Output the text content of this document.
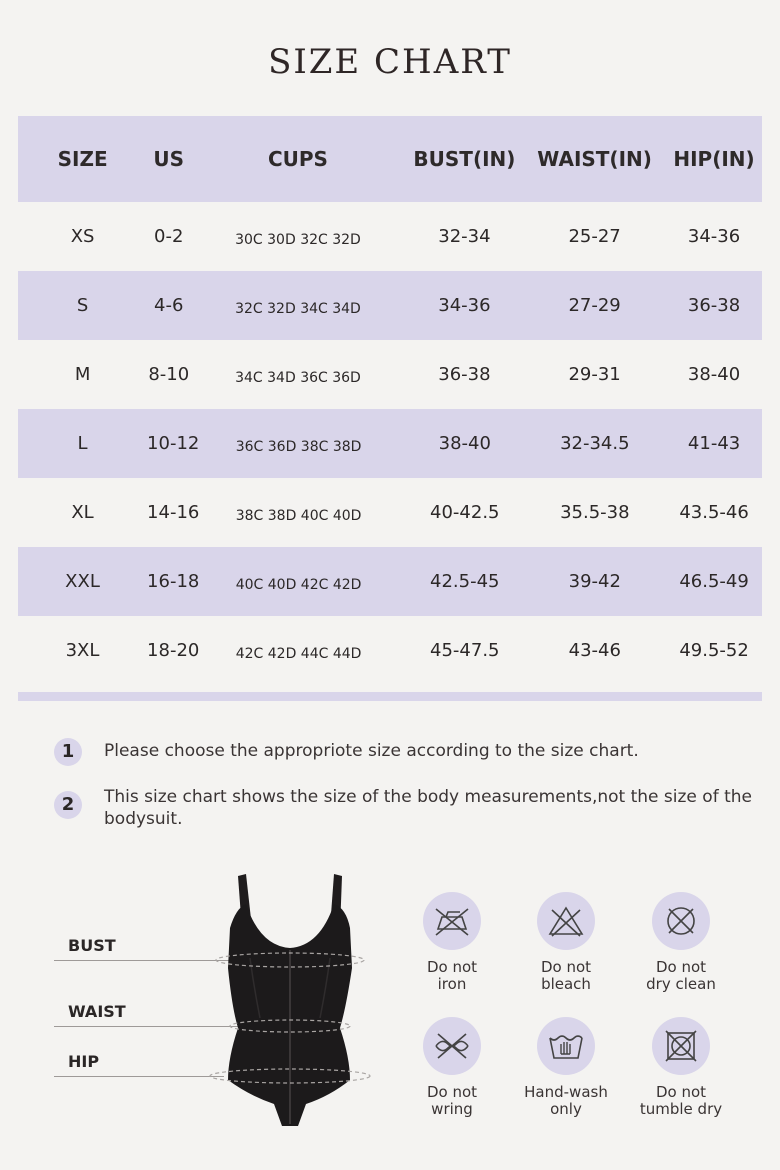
SIZE CHART
SIZE	US	CUPS	BUST(IN)	WAIST(IN)	HIP(IN)
XS	0-2	30C 30D 32C 32D	32-34	25-27	34-36
S	4-6	32C 32D 34C 34D	34-36	27-29	36-38
M	8-10	34C 34D 36C 36D	36-38	29-31	38-40
L	10-12	36C 36D 38C 38D	38-40	32-34.5	41-43
XL	14-16	38C 38D 40C 40D	40-42.5	35.5-38	43.5-46
XXL	16-18	40C 40D 42C 42D	42.5-45	39-42	46.5-49
3XL	18-20	42C 42D 44C 44D	45-47.5	43-46	49.5-52
1	Please choose the appropriote size according to the size chart.
2	This size chart shows the size of the body measurements,not the size of the bodysuit.
BUST
WAIST
HIP
Do not
iron
Do not
bleach
Do not
dry clean
Do not
wring
Hand-wash
only
Do not
tumble dry
